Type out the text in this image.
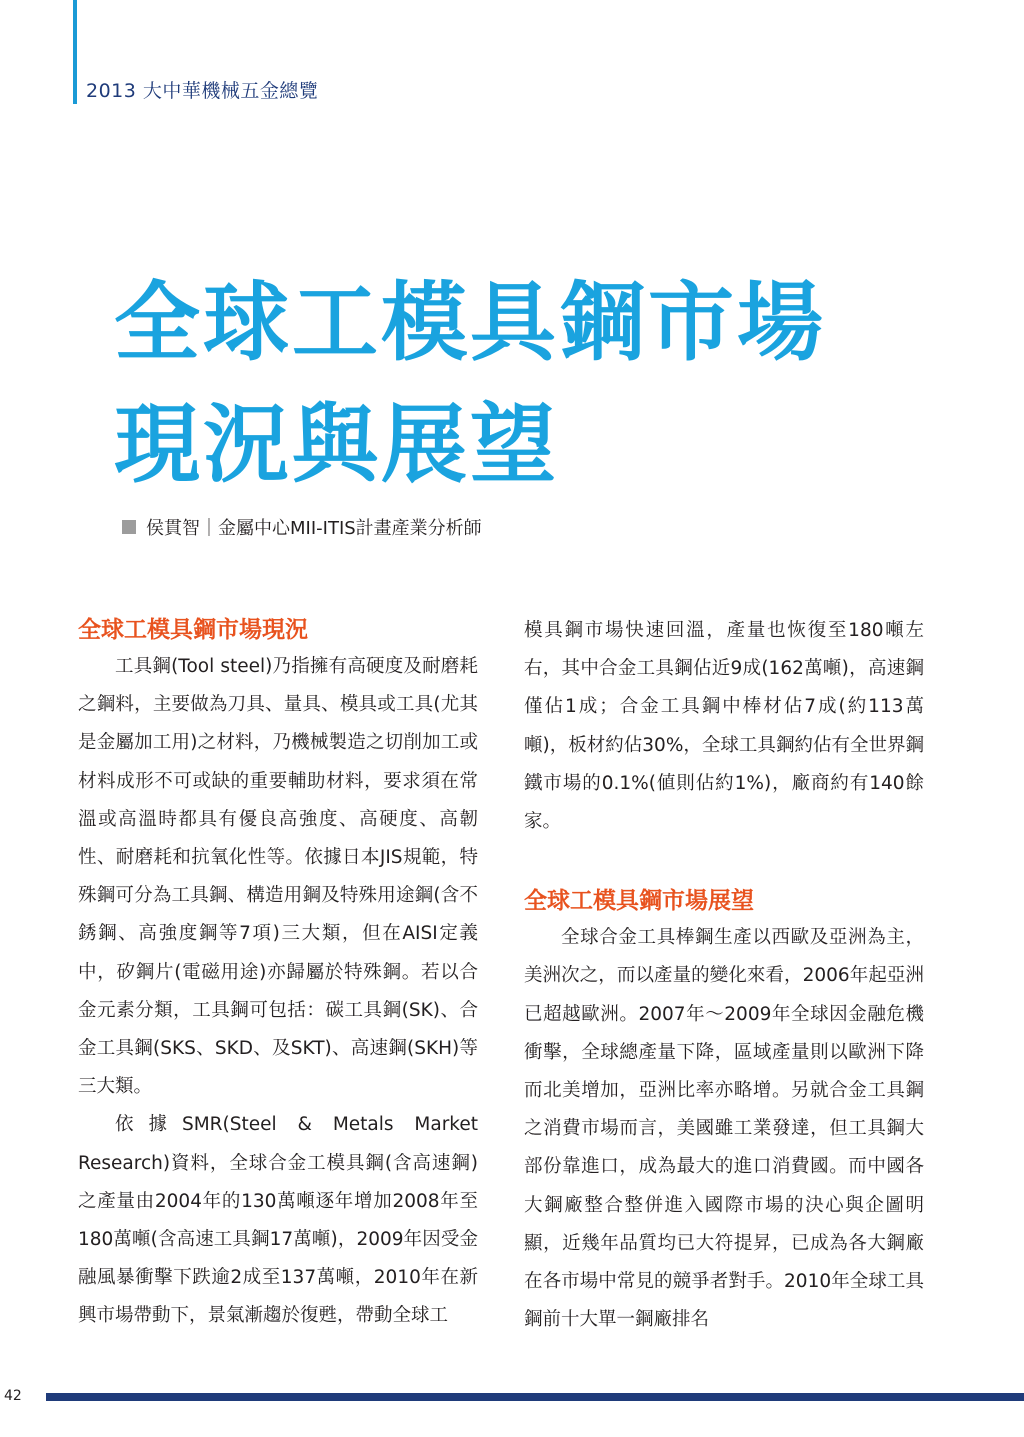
2013 大中華機械五金總覽
全球工模具鋼市場
現況與展望
侯貫智｜金屬中心MII-ITIS計畫產業分析師
全球工模具鋼市場現況

工具鋼(Tool steel)乃指擁有高硬度及耐磨耗之鋼料，主要做為刀具、量具、模具或工具(尤其是金屬加工用)之材料，乃機械製造之切削加工或材料成形不可或缺的重要輔助材料，要求須在常溫或高溫時都具有優良高強度、高硬度、高韌性、耐磨耗和抗氧化性等。依據日本JIS規範，特殊鋼可分為工具鋼、構造用鋼及特殊用途鋼(含不銹鋼、高強度鋼等7項)三大類，但在AISI定義中，矽鋼片(電磁用途)亦歸屬於特殊鋼。若以合金元素分類，工具鋼可包括：碳工具鋼(SK)、合金工具鋼(SKS、SKD、及SKT)、高速鋼(SKH)等三大類。

依據SMR(Steel & Metals Market Research)資料，全球合金工模具鋼(含高速鋼)之產量由2004年的130萬噸逐年增加2008年至180萬噸(含高速工具鋼17萬噸)，2009年因受金融風暴衝擊下跌逾2成至137萬噸，2010年在新興市場帶動下，景氣漸趨於復甦，帶動全球工

模具鋼市場快速回溫，產量也恢復至180噸左右，其中合金工具鋼佔近9成(162萬噸)，高速鋼僅佔1成；合金工具鋼中棒材佔7成(約113萬噸)，板材約佔30%，全球工具鋼約佔有全世界鋼鐵市場的0.1%(値則佔約1%)，廠商約有140餘家。

全球工模具鋼市場展望

全球合金工具棒鋼生產以西歐及亞洲為主，美洲次之，而以產量的變化來看，2006年起亞洲已超越歐洲。2007年～2009年全球因金融危機衝擊，全球總產量下降，區域產量則以歐洲下降而北美增加，亞洲比率亦略增。另就合金工具鋼之消費市場而言，美國雖工業發達，但工具鋼大部份靠進口，成為最大的進口消費國。而中國各大鋼廠整合整併進入國際市場的決心與企圖明顯，近幾年品質均已大符提昇，已成為各大鋼廠在各市場中常見的競爭者對手。2010年全球工具鋼前十大單一鋼廠排名

42
